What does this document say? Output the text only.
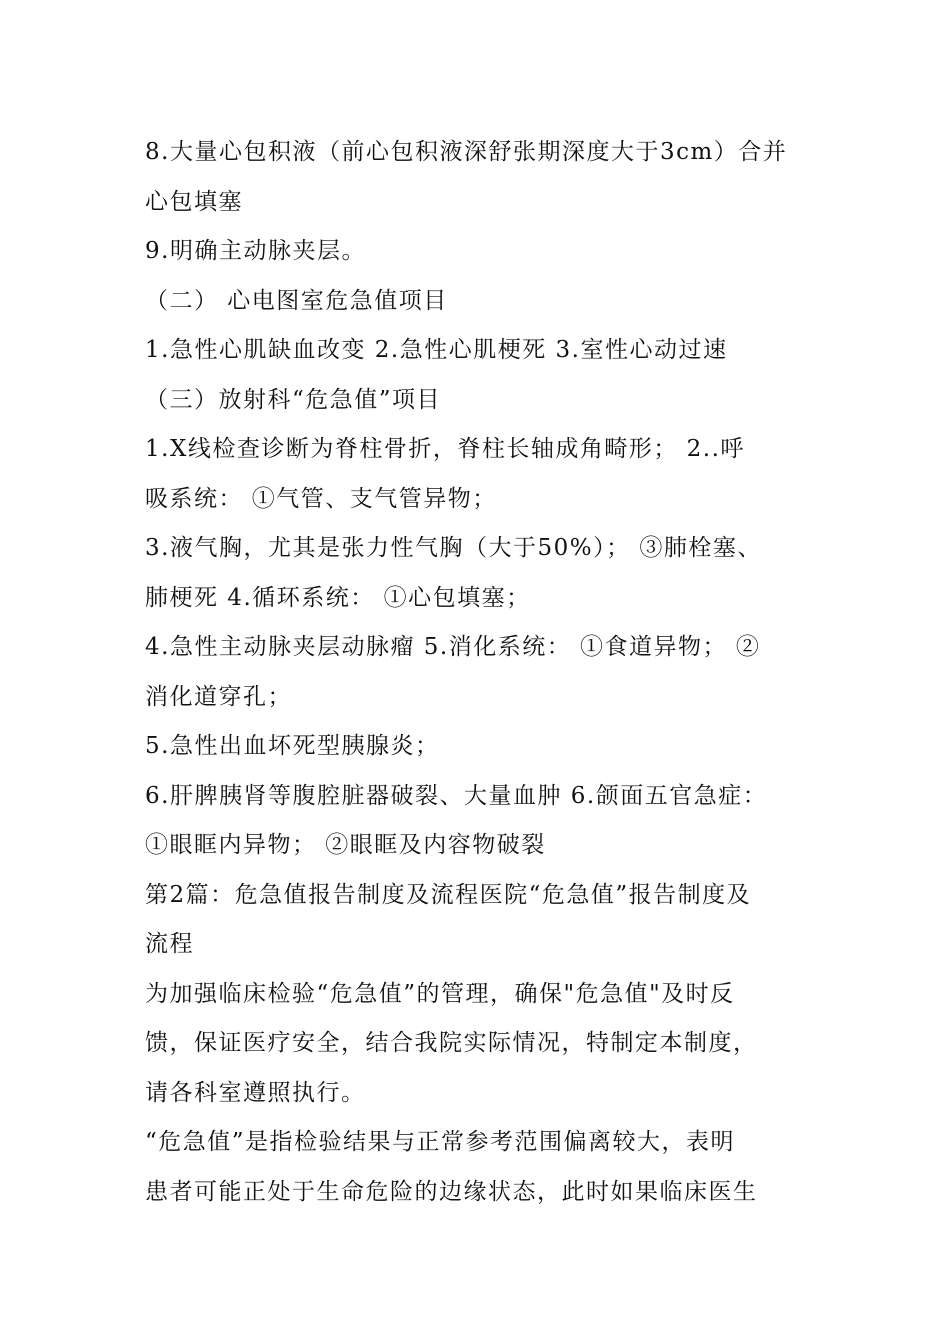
8.大量心包积液（前心包积液深舒张期深度大于3cm）合并
心包填塞
9.明确主动脉夹层。
（二） 心电图室危急值项目
1.急性心肌缺血改变 2.急性心肌梗死 3.室性心动过速
（三）放射科“危急值”项目
1.X线检查诊断为脊柱骨折，脊柱长轴成角畸形； 2..呼
吸系统： ①气管、支气管异物；
3.液气胸，尤其是张力性气胸（大于50%）； ③肺栓塞、
肺梗死 4.循环系统： ①心包填塞；
4.急性主动脉夹层动脉瘤 5.消化系统： ①食道异物； ②
消化道穿孔；
5.急性出血坏死型胰腺炎；
6.肝脾胰肾等腹腔脏器破裂、大量血肿 6.颌面五官急症：
①眼眶内异物； ②眼眶及内容物破裂
第2篇：危急值报告制度及流程医院“危急值”报告制度及
流程
为加强临床检验“危急值”的管理，确保"危急值"及时反
馈，保证医疗安全，结合我院实际情况，特制定本制度，
请各科室遵照执行。
“危急值”是指检验结果与正常参考范围偏离较大，表明
患者可能正处于生命危险的边缘状态，此时如果临床医生
